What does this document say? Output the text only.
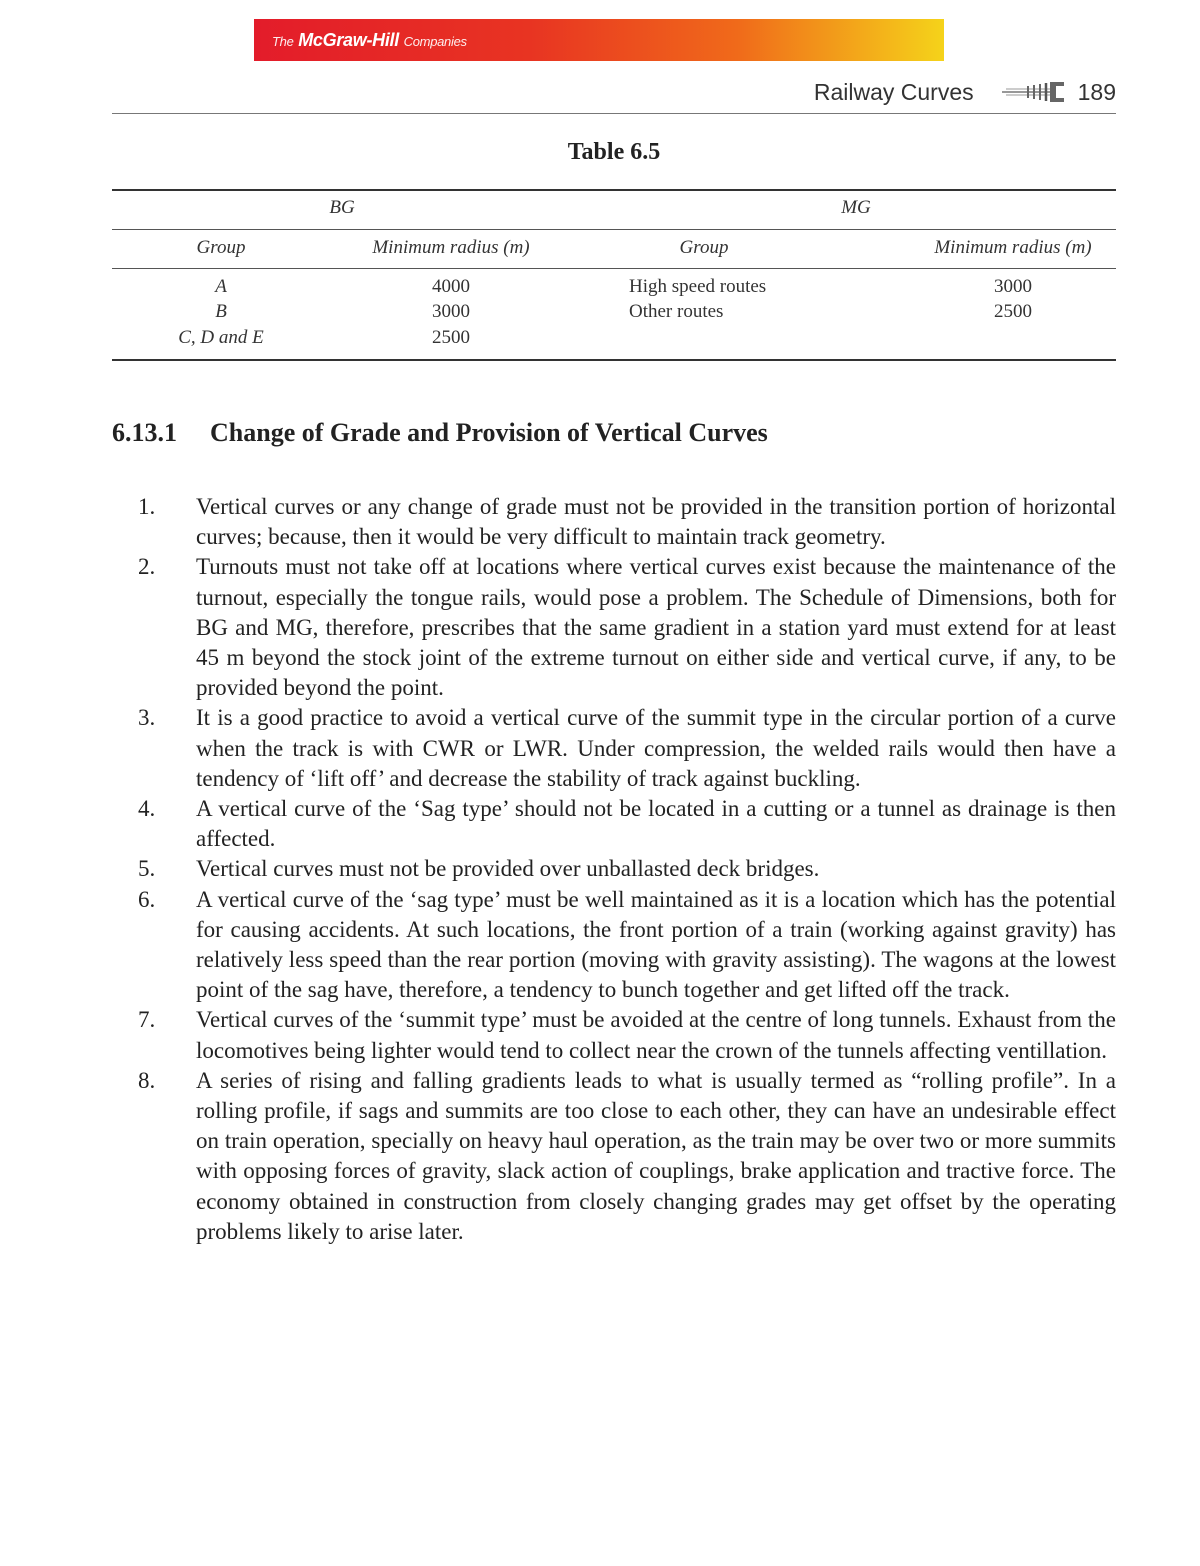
The McGraw-Hill Companies
Railway Curves	189
Table 6.5
BG	MG
Group	Minimum radius (m)	Group	Minimum radius (m)
A	4000	High speed routes	3000
B	3000	Other routes	2500
C, D and E	2500
6.13.1 Change of Grade and Provision of Vertical Curves
1. Vertical curves or any change of grade must not be provided in the transition portion of horizontal curves; because, then it would be very difficult to maintain track geometry.
2. Turnouts must not take off at locations where vertical curves exist because the maintenance of the turnout, especially the tongue rails, would pose a problem. The Schedule of Dimensions, both for BG and MG, therefore, prescribes that the same gradient in a station yard must extend for at least 45 m beyond the stock joint of the extreme turnout on either side and vertical curve, if any, to be provided beyond the point.
3. It is a good practice to avoid a vertical curve of the summit type in the circular portion of a curve when the track is with CWR or LWR. Under compression, the welded rails would then have a tendency of ‘lift off’ and decrease the stability of track against buckling.
4. A vertical curve of the ‘Sag type’ should not be located in a cutting or a tunnel as drainage is then affected.
5. Vertical curves must not be provided over unballasted deck bridges.
6. A vertical curve of the ‘sag type’ must be well maintained as it is a location which has the potential for causing accidents. At such locations, the front portion of a train (working against gravity) has relatively less speed than the rear portion (moving with gravity assisting). The wagons at the lowest point of the sag have, therefore, a tendency to bunch together and get lifted off the track.
7. Vertical curves of the ‘summit type’ must be avoided at the centre of long tunnels. Exhaust from the locomotives being lighter would tend to collect near the crown of the tunnels affecting ventillation.
8. A series of rising and falling gradients leads to what is usually termed as “rolling profile”. In a rolling profile, if sags and summits are too close to each other, they can have an undesirable effect on train operation, specially on heavy haul operation, as the train may be over two or more summits with opposing forces of gravity, slack action of couplings, brake application and tractive force. The economy obtained in construction from closely changing grades may get offset by the operating problems likely to arise later.
